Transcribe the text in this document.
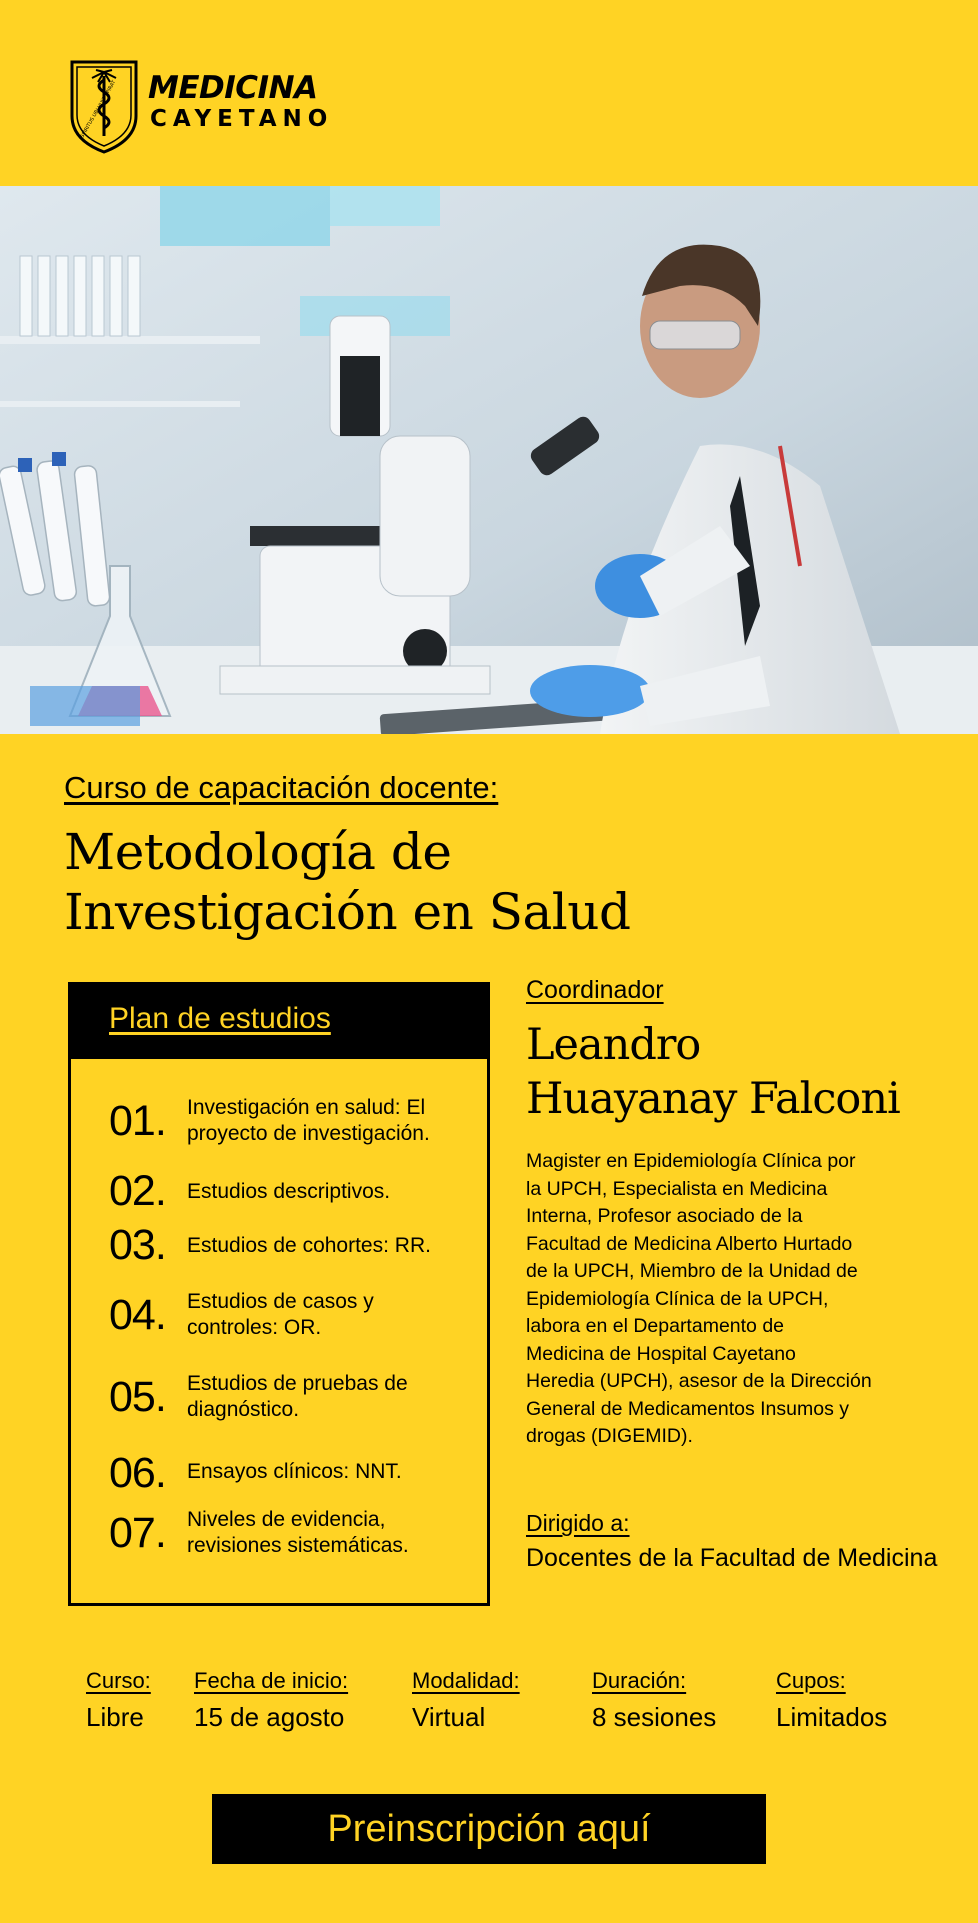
SPIRITUS UBI VULT SPIRAT MEDICINA
CAYETANO
Curso de capacitación docente:
Metodología de
Investigación en Salud
Plan de estudios
01. Investigación en salud: El
proyecto de investigación.
02. Estudios descriptivos.
03. Estudios de cohortes: RR.
04. Estudios de casos y
controles: OR.
05. Estudios de pruebas de
diagnóstico.
06. Ensayos clínicos: NNT.
07. Niveles de evidencia,
revisiones sistemáticas.
Coordinador
Leandro
Huayanay Falconi
Magister en Epidemiología Clínica por
la UPCH, Especialista en Medicina
Interna, Profesor asociado de la
Facultad de Medicina Alberto Hurtado
de la UPCH, Miembro de la Unidad de
Epidemiología Clínica de la UPCH,
labora en el Departamento de
Medicina de Hospital Cayetano
Heredia (UPCH), asesor de la Dirección
General de Medicamentos Insumos y
drogas (DIGEMID).
Dirigido a:
Docentes de la Facultad de Medicina
Curso:
Libre
Fecha de inicio:
15 de agosto
Modalidad:
Virtual
Duración:
8 sesiones
Cupos:
Limitados
Preinscripción aquí
